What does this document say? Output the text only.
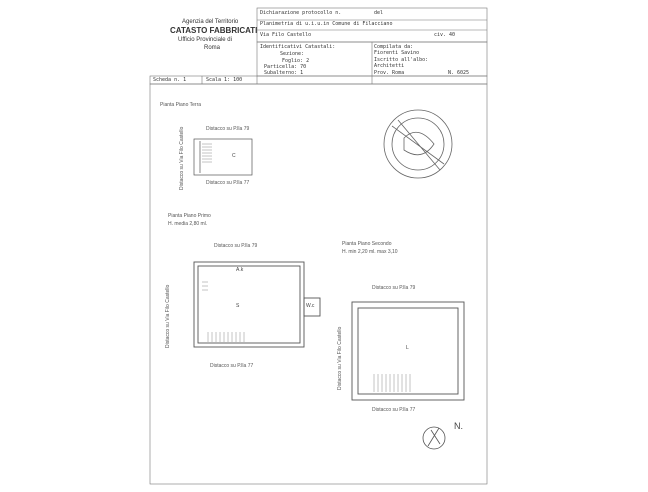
Agenzia del Territorio
CATASTO FABBRICATI
Ufficio Provinciale di
Roma
Dichiarazione protocollo n.	del
Planimetria di u.i.u.in Comune di Filacciano
Via Filo Castello	civ. 40
Identificativi Catastali:
Sezione:
Foglio: 2
Particella: 70
Subalterno: 1
Compilata da:
Fiorenti Savino
Iscritto all'albo:
Architetti
Prov. Roma	N. 6025
Scheda n. 1	Scala 1: 100
Pianta Piano Terra
Distacco su P.lla 79
Distacco su Via Filo Castello	Distacco su P.lla 77
C
Pianta Piano Primo
H. media 2,80 ml.
Distacco su P.lla 79
Distacco su Via Filo Castello
Distacco su P.lla 77
A.k
S	W.c
Pianta Piano Secondo
H. min 2,20 ml. max 3,10
Distacco su P.lla 79
Distacco su Via Filo Castello
Distacco su P.lla 77
L
N.
